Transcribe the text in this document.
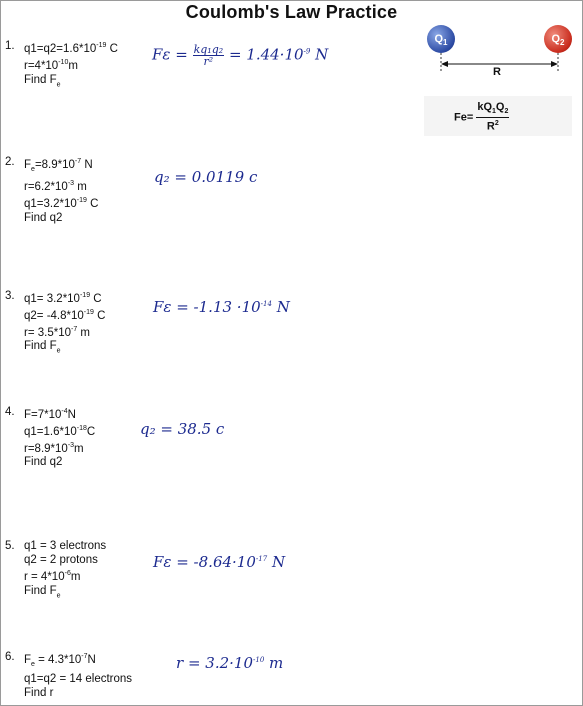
Coulomb's Law Practice
1. $q1=q2=1.6*10^{-19}$ C
$r=4*10^{-10}m$
Find $F_e$
2. $F_e=8.9*10^{-7}$ N
$r=6.2*10^{-3}$ m
$q1=3.2*10^{-19}$ C
Find q2
3. $q1= 3.2*10^{-19}$ C
$q2= -4.8*10^{-19}$ C
$r= 3.5*10^{-7}$ m
Find $F_e$
4. $F=7*10^{-4}N$
$q1=1.6*10^{-18}C$
$r=8.9*10^{-3}m$
Find q2
5. q1 = 3 electrons
q2 = 2 protons
$r = 4*10^{-6}m$
Find $F_e$
6. $F_e = 4.3*10^{-7}N$
q1=q2 = 14 electrons
Find r
$F\varepsilon = \frac{\text{kq₁q₂}}{\text{r²}} = 1.44\cdot 10^{-9}$ N
q₂ = 0.0119 c
$F\varepsilon = -1.13 \cdot 10^{-14}$ N
q₂ = 38.5 c
$F\varepsilon = -8.64\cdot 10^{-17}$ N
$r = 3.2\cdot 10^{-10}$ m
$Q_1$	$Q_2$
R
$Fe= \frac{kQ_1Q_2}{R^2}$
